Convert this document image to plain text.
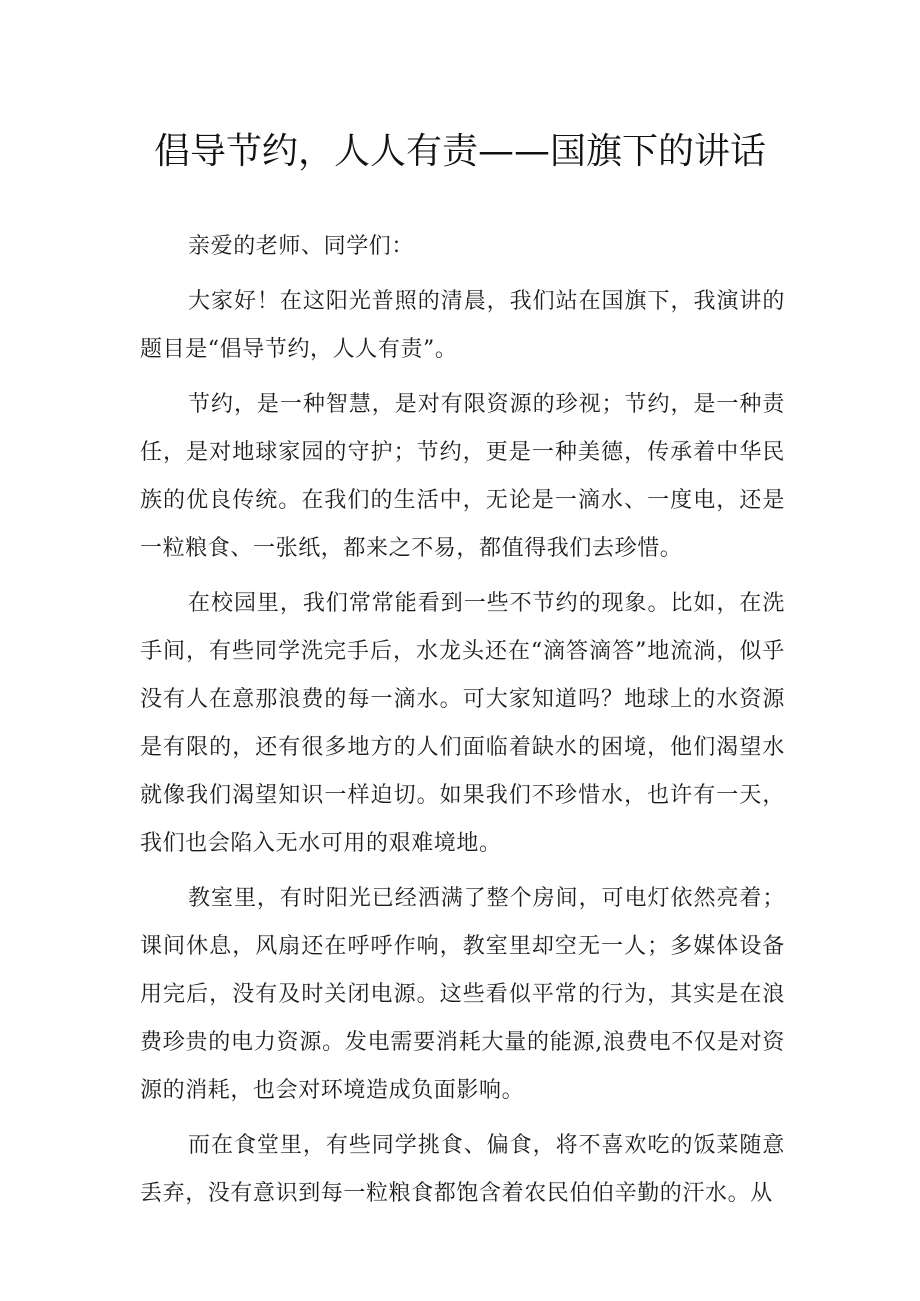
倡导节约，人人有责——国旗下的讲话

亲爱的老师、同学们：

大家好！在这阳光普照的清晨，我们站在国旗下，我演讲的题目是“倡导节约，人人有责”。

节约，是一种智慧，是对有限资源的珍视；节约，是一种责任，是对地球家园的守护；节约，更是一种美德，传承着中华民族的优良传统。在我们的生活中，无论是一滴水、一度电，还是一粒粮食、一张纸，都来之不易，都值得我们去珍惜。

在校园里，我们常常能看到一些不节约的现象。比如，在洗手间，有些同学洗完手后，水龙头还在“滴答滴答”地流淌，似乎没有人在意那浪费的每一滴水。可大家知道吗？地球上的水资源是有限的，还有很多地方的人们面临着缺水的困境，他们渴望水就像我们渴望知识一样迫切。如果我们不珍惜水，也许有一天，我们也会陷入无水可用的艰难境地。

教室里，有时阳光已经洒满了整个房间，可电灯依然亮着；课间休息，风扇还在呼呼作响，教室里却空无一人；多媒体设备用完后，没有及时关闭电源。这些看似平常的行为，其实是在浪费珍贵的电力资源。发电需要消耗大量的能源,浪费电不仅是对资源的消耗，也会对环境造成负面影响。

而在食堂里，有些同学挑食、偏食，将不喜欢吃的饭菜随意丢弃，没有意识到每一粒粮食都饱含着农民伯伯辛勤的汗水。从
